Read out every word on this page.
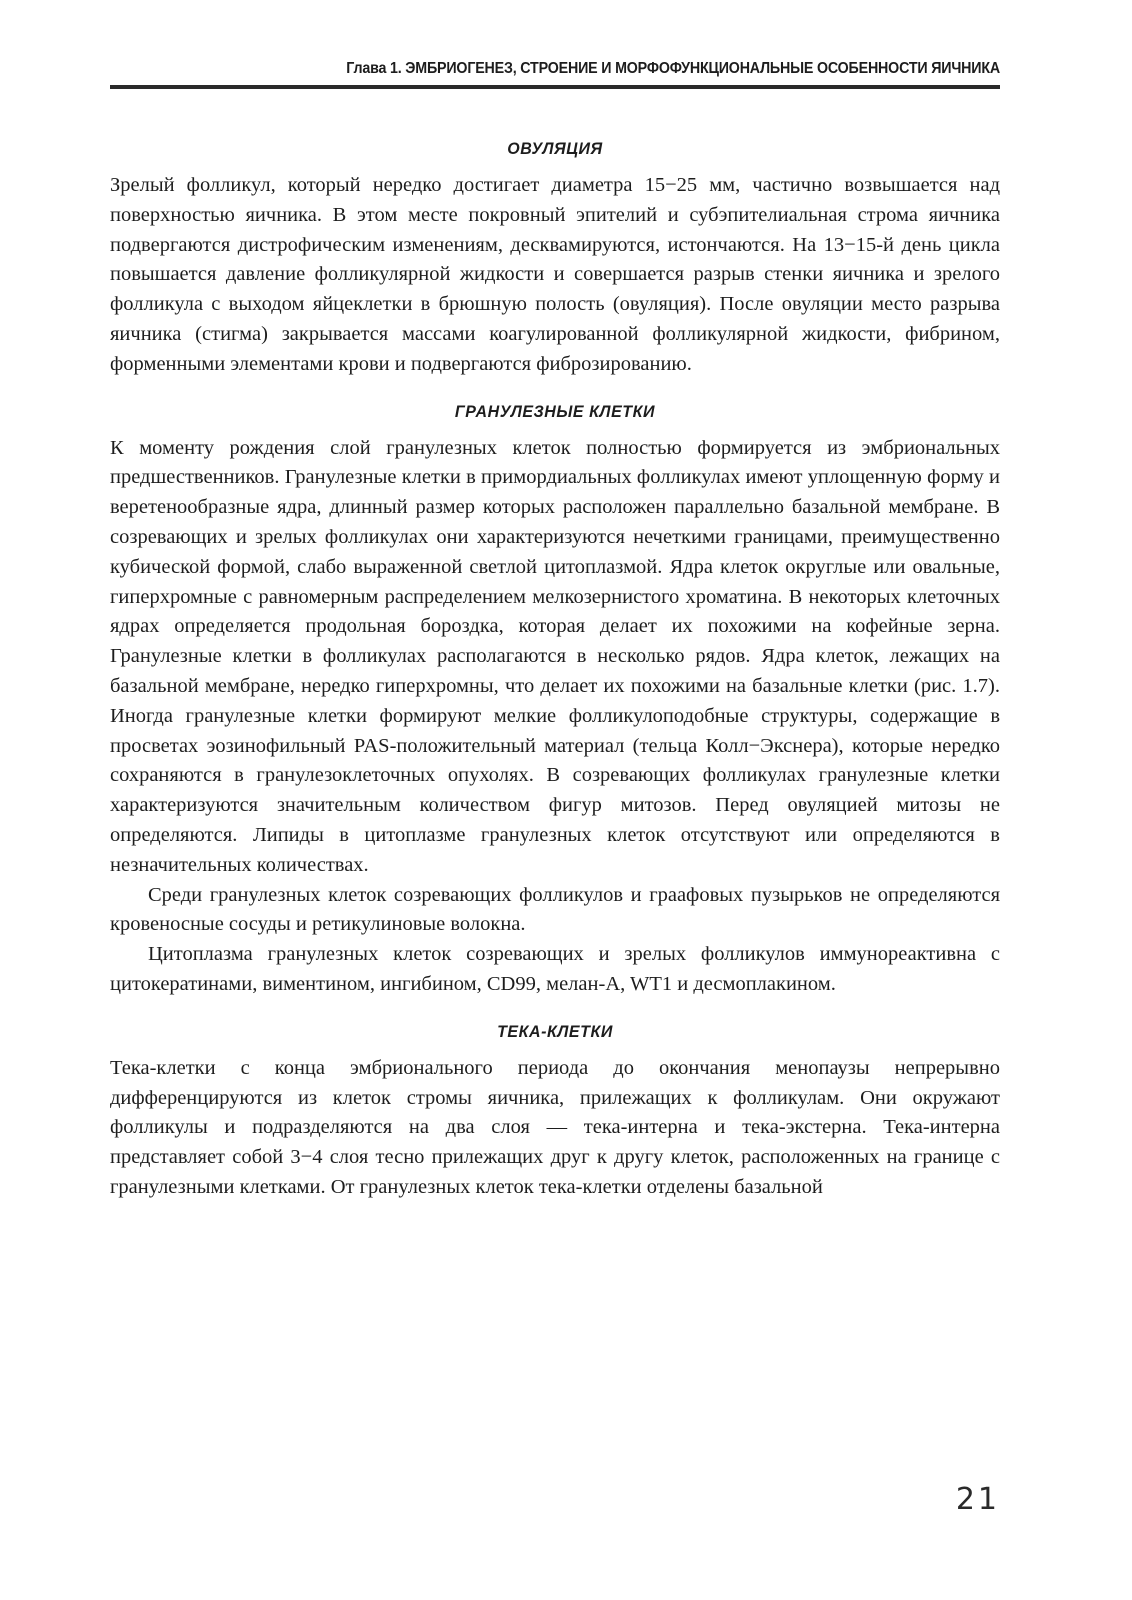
Глава 1. ЭМБРИОГЕНЕЗ, СТРОЕНИЕ И МОРФОФУНКЦИОНАЛЬНЫЕ ОСОБЕННОСТИ ЯИЧНИКА
ОВУЛЯЦИЯ

Зрелый фолликул, который нередко достигает диаметра 15−25 мм, частично возвышается над поверхностью яичника. В этом месте покровный эпителий и субэпителиальная строма яичника подвергаются дистрофическим изменениям, десквамируются, истончаются. На 13−15-й день цикла повышается давление фолликулярной жидкости и совершается разрыв стенки яичника и зрелого фолликула с выходом яйцеклетки в брюшную полость (овуляция). После овуляции место разрыва яичника (стигма) закрывается массами коагулированной фолликулярной жидкости, фибрином, форменными элементами крови и подвергаются фиброзированию.

ГРАНУЛЕЗНЫЕ КЛЕТКИ

К моменту рождения слой гранулезных клеток полностью формируется из эмбриональных предшественников. Гранулезные клетки в примордиальных фолликулах имеют уплощенную форму и веретенообразные ядра, длинный размер которых расположен параллельно базальной мембране. В созревающих и зрелых фолликулах они характеризуются нечеткими границами, преимущественно кубической формой, слабо выраженной светлой цитоплазмой. Ядра клеток округлые или овальные, гиперхромные с равномерным распределением мелкозернистого хроматина. В некоторых клеточных ядрах определяется продольная бороздка, которая делает их похожими на кофейные зерна. Гранулезные клетки в фолликулах располагаются в несколько рядов. Ядра клеток, лежащих на базальной мембране, нередко гиперхромны, что делает их похожими на базальные клетки (рис. 1.7). Иногда гранулезные клетки формируют мелкие фолликулоподобные структуры, содержащие в просветах эозинофильный PAS-положительный материал (тельца Колл−Экснера), которые нередко сохраняются в гранулезоклеточных опухолях. В созревающих фолликулах гранулезные клетки характеризуются значительным количеством фигур митозов. Перед овуляцией митозы не определяются. Липиды в цитоплазме гранулезных клеток отсутствуют или определяются в незначительных количествах.

Среди гранулезных клеток созревающих фолликулов и граафовых пузырьков не определяются кровеносные сосуды и ретикулиновые волокна.

Цитоплазма гранулезных клеток созревающих и зрелых фолликулов иммунореактивна с цитокератинами, виментином, ингибином, CD99, мелан-A, WT1 и десмоплакином.

ТЕКА-КЛЕТКИ

Тека-клетки с конца эмбрионального периода до окончания менопаузы непрерывно дифференцируются из клеток стромы яичника, прилежащих к фолликулам. Они окружают фолликулы и подразделяются на два слоя — тека-интерна и тека-экстерна. Тека-интерна представляет собой 3−4 слоя тесно прилежащих друг к другу клеток, расположенных на границе с гранулезными клетками. От гранулезных клеток тека-клетки отделены базальной

21
